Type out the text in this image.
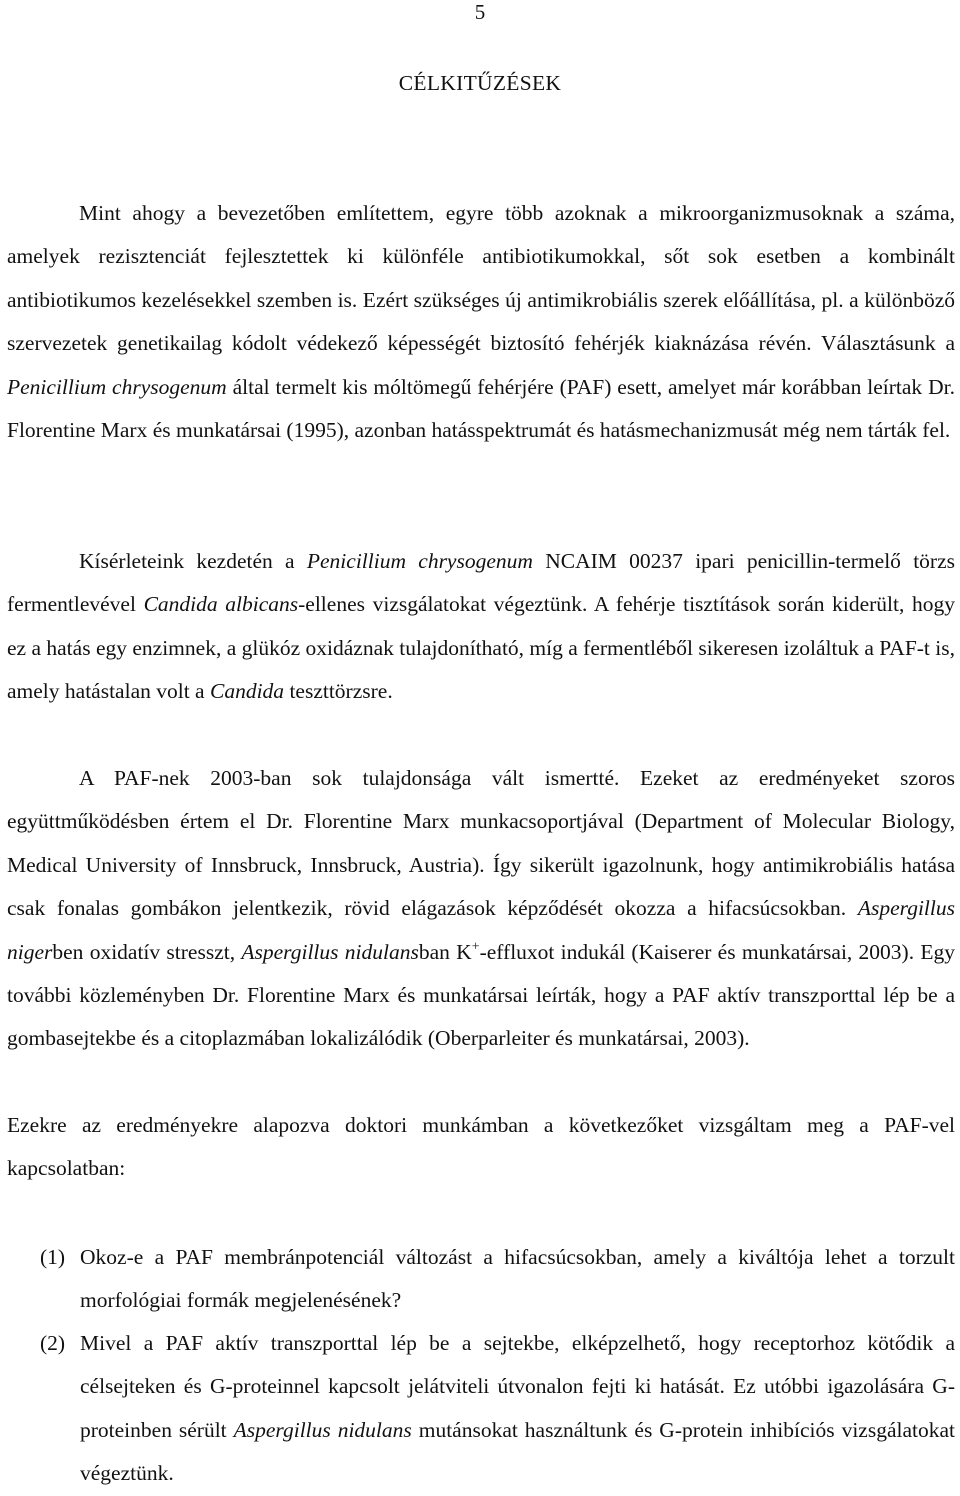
5
CÉLKITŰZÉSEK

Mint ahogy a bevezetőben említettem, egyre több azoknak a mikroorganizmusoknak a száma, amelyek rezisztenciát fejlesztettek ki különféle antibiotikumokkal, sőt sok esetben a kombinált antibiotikumos kezelésekkel szemben is. Ezért szükséges új antimikrobiális szerek előállítása, pl. a különböző szervezetek genetikailag kódolt védekező képességét biztosító fehérjék kiaknázása révén. Választásunk a Penicillium chrysogenum által termelt kis móltömegű fehérjére (PAF) esett, amelyet már korábban leírtak Dr. Florentine Marx és munkatársai (1995), azonban hatásspektrumát és hatásmechanizmusát még nem tárták fel.

Kísérleteink kezdetén a Penicillium chrysogenum NCAIM 00237 ipari penicillin-termelő törzs fermentlevével Candida albicans-ellenes vizsgálatokat végeztünk. A fehérje tisztítások során kiderült, hogy ez a hatás egy enzimnek, a glükóz oxidáznak tulajdonítható, míg a fermentléből sikeresen izoláltuk a PAF-t is, amely hatástalan volt a Candida teszttörzsre.

A PAF-nek 2003-ban sok tulajdonsága vált ismertté. Ezeket az eredményeket szoros együttműködésben értem el Dr. Florentine Marx munkacsoportjával (Department of Molecular Biology, Medical University of Innsbruck, Innsbruck, Austria). Így sikerült igazolnunk, hogy antimikrobiális hatása csak fonalas gombákon jelentkezik, rövid elágazások képződését okozza a hifacsúcsokban. Aspergillus nigerben oxidatív stresszt, Aspergillus nidulansban K+-effluxot indukál (Kaiserer és munkatársai, 2003). Egy további közleményben Dr. Florentine Marx és munkatársai leírták, hogy a PAF aktív transzporttal lép be a gombasejtekbe és a citoplazmában lokalizálódik (Oberparleiter és munkatársai, 2003).

Ezekre az eredményekre alapozva doktori munkámban a következőket vizsgáltam meg a PAF-vel kapcsolatban:

(1) Okoz-e a PAF membránpotenciál változást a hifacsúcsokban, amely a kiváltója lehet a torzult morfológiai formák megjelenésének?

(2) Mivel a PAF aktív transzporttal lép be a sejtekbe, elképzelhető, hogy receptorhoz kötődik a célsejteken és G-proteinnel kapcsolt jelátviteli útvonalon fejti ki hatását. Ez utóbbi igazolására G-proteinben sérült Aspergillus nidulans mutánsokat használtunk és G-protein inhibíciós vizsgálatokat végeztünk.
